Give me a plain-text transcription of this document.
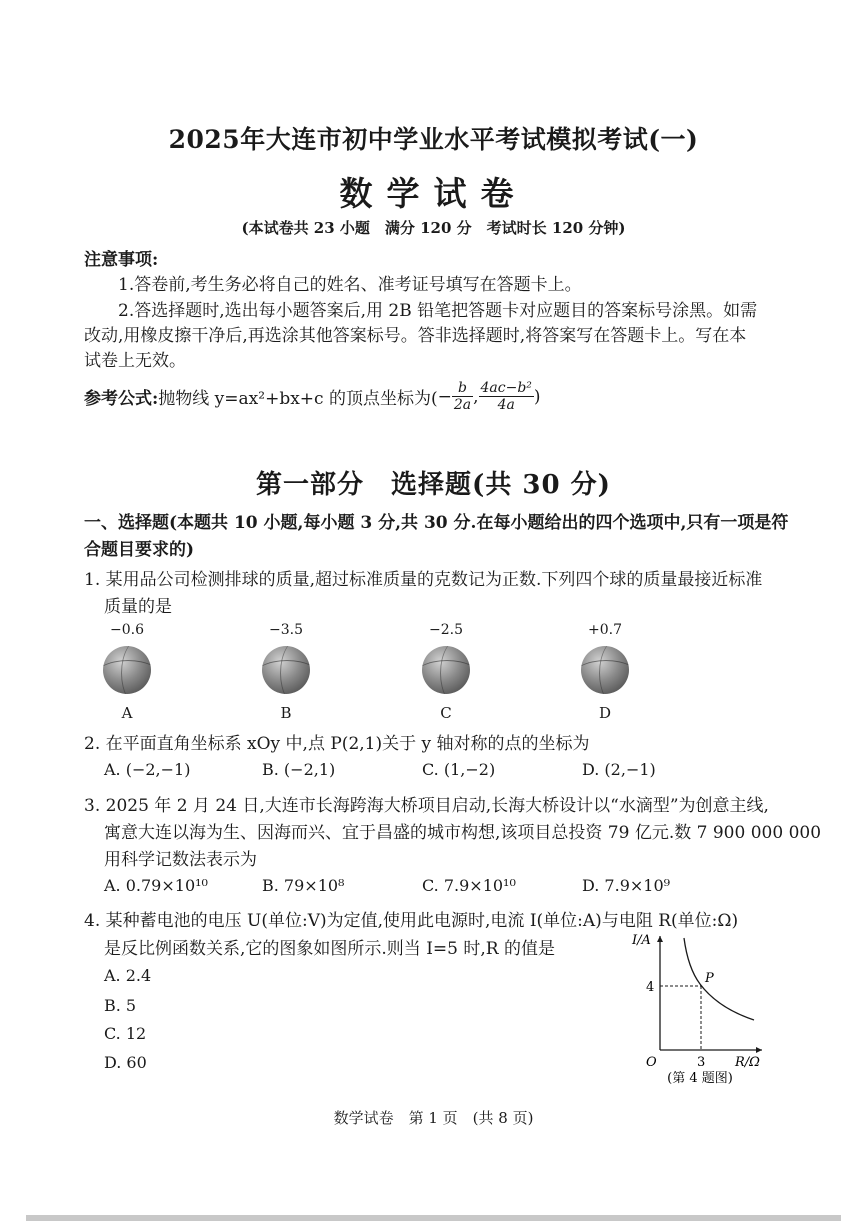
2025年大连市初中学业水平考试模拟考试(一)
数学试卷
(本试卷共 23 小题　满分 120 分　考试时长 120 分钟)
注意事项:
1.答卷前,考生务必将自己的姓名、准考证号填写在答题卡上。
2.答选择题时,选出每小题答案后,用 2B 铅笔把答题卡对应题目的答案标号涂黑。如需
改动,用橡皮擦干净后,再选涂其他答案标号。答非选择题时,将答案写在答题卡上。写在本
试卷上无效。
参考公式: 抛物线 y=ax²+bx+c 的顶点坐标为( − $\frac{b}{2a}$ , $\frac{\text{4ac−b²}}{4a}$ )
第一部分　选择题(共 30 分)
一、选择题(本题共 10 小题,每小题 3 分,共 30 分.在每小题给出的四个选项中,只有一项是符
合题目要求的)
1. 某用品公司检测排球的质量,超过标准质量的克数记为正数.下列四个球的质量最接近标准
质量的是
−0.6
A
−3.5
B
−2.5
C
+0.7
D
2. 在平面直角坐标系 xOy 中,点 P(2,1)关于 y 轴对称的点的坐标为
A. (−2,−1)	B. (−2,1)	C. (1,−2)	D. (2,−1)
3. 2025 年 2 月 24 日,大连市长海跨海大桥项目启动,长海大桥设计以“水滴型”为创意主线,
寓意大连以海为生、因海而兴、宜于昌盛的城市构想,该项目总投资 79 亿元.数 7 900 000 000
用科学记数法表示为
A. 0.79×10¹⁰	B. 79×10⁸	C. 7.9×10¹⁰	D. 7.9×10⁹
4. 某种蓄电池的电压 U(单位:V)为定值,使用此电源时,电流 I(单位:A)与电阻 R(单位:Ω)
是反比例函数关系,它的图象如图所示.则当 I=5 时,R 的值是
A. 2.4
B. 5
C. 12
D. 60
I/A
R/Ω
O
P
3
4
(第 4 题图)
数学试卷　第 1 页　(共 8 页)
